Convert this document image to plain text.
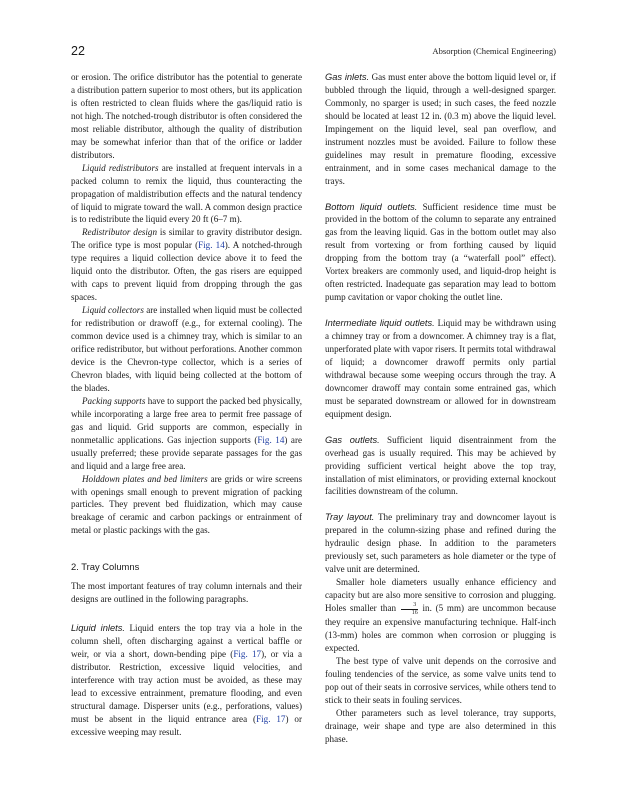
22	Absorption (Chemical Engineering)

or erosion. The orifice distributor has the potential to generate a distribution pattern superior to most others, but its application is often restricted to clean fluids where the gas/liquid ratio is not high. The notched-trough distributor is often considered the most reliable distributor, although the quality of distribution may be somewhat inferior than that of the orifice or ladder distributors.

Liquid redistributors are installed at frequent intervals in a packed column to remix the liquid, thus counteracting the propagation of maldistribution effects and the natural tendency of liquid to migrate toward the wall. A common design practice is to redistribute the liquid every 20 ft (6–7 m).

Redistributor design is similar to gravity distributor design. The orifice type is most popular (Fig. 14). A notched-through type requires a liquid collection device above it to feed the liquid onto the distributor. Often, the gas risers are equipped with caps to prevent liquid from dropping through the gas spaces.

Liquid collectors are installed when liquid must be collected for redistribution or drawoff (e.g., for external cooling). The common device used is a chimney tray, which is similar to an orifice redistributor, but without perforations. Another common device is the Chevron-type collector, which is a series of Chevron blades, with liquid being collected at the bottom of the blades.

Packing supports have to support the packed bed physically, while incorporating a large free area to permit free passage of gas and liquid. Grid supports are common, especially in nonmetallic applications. Gas injection supports (Fig. 14) are usually preferred; these provide separate passages for the gas and liquid and a large free area.

Holddown plates and bed limiters are grids or wire screens with openings small enough to prevent migration of packing particles. They prevent bed fluidization, which may cause breakage of ceramic and carbon packings or entrainment of metal or plastic packings with the gas.

2. Tray Columns

The most important features of tray column internals and their designs are outlined in the following paragraphs.

Liquid inlets. Liquid enters the top tray via a hole in the column shell, often discharging against a vertical baffle or weir, or via a short, down-bending pipe (Fig. 17), or via a distributor. Restriction, excessive liquid velocities, and interference with tray action must be avoided, as these may lead to excessive entrainment, premature flooding, and even structural damage. Disperser units (e.g., perforations, values) must be absent in the liquid entrance area (Fig. 17) or excessive weeping may result.

Gas inlets. Gas must enter above the bottom liquid level or, if bubbled through the liquid, through a well-designed sparger. Commonly, no sparger is used; in such cases, the feed nozzle should be located at least 12 in. (0.3 m) above the liquid level. Impingement on the liquid level, seal pan overflow, and instrument nozzles must be avoided. Failure to follow these guidelines may result in premature flooding, excessive entrainment, and in some cases mechanical damage to the trays.

Bottom liquid outlets. Sufficient residence time must be provided in the bottom of the column to separate any entrained gas from the leaving liquid. Gas in the bottom outlet may also result from vortexing or from forthing caused by liquid dropping from the bottom tray (a “waterfall pool” effect). Vortex breakers are commonly used, and liquid-drop height is often restricted. Inadequate gas separation may lead to bottom pump cavitation or vapor choking the outlet line.

Intermediate liquid outlets. Liquid may be withdrawn using a chimney tray or from a downcomer. A chimney tray is a flat, unperforated plate with vapor risers. It permits total withdrawal of liquid; a downcomer drawoff permits only partial withdrawal because some weeping occurs through the tray. A downcomer drawoff may contain some entrained gas, which must be separated downstream or allowed for in downstream equipment design.

Gas outlets. Sufficient liquid disentrainment from the overhead gas is usually required. This may be achieved by providing sufficient vertical height above the top tray, installation of mist eliminators, or providing external knockout facilities downstream of the column.

Tray layout. The preliminary tray and downcomer layout is prepared in the column-sizing phase and refined during the hydraulic design phase. In addition to the parameters previously set, such parameters as hole diameter or the type of valve unit are determined.

Smaller hole diameters usually enhance efficiency and capacity but are also more sensitive to corrosion and plugging. Holes smaller than $\frac{3}{16}$ in. (5 mm) are uncommon because they require an expensive manufacturing technique. Half-inch (13-mm) holes are common when corrosion or plugging is expected.

The best type of valve unit depends on the corrosive and fouling tendencies of the service, as some valve units tend to pop out of their seats in corrosive services, while others tend to stick to their seats in fouling services.

Other parameters such as level tolerance, tray supports, drainage, weir shape and type are also determined in this phase.
